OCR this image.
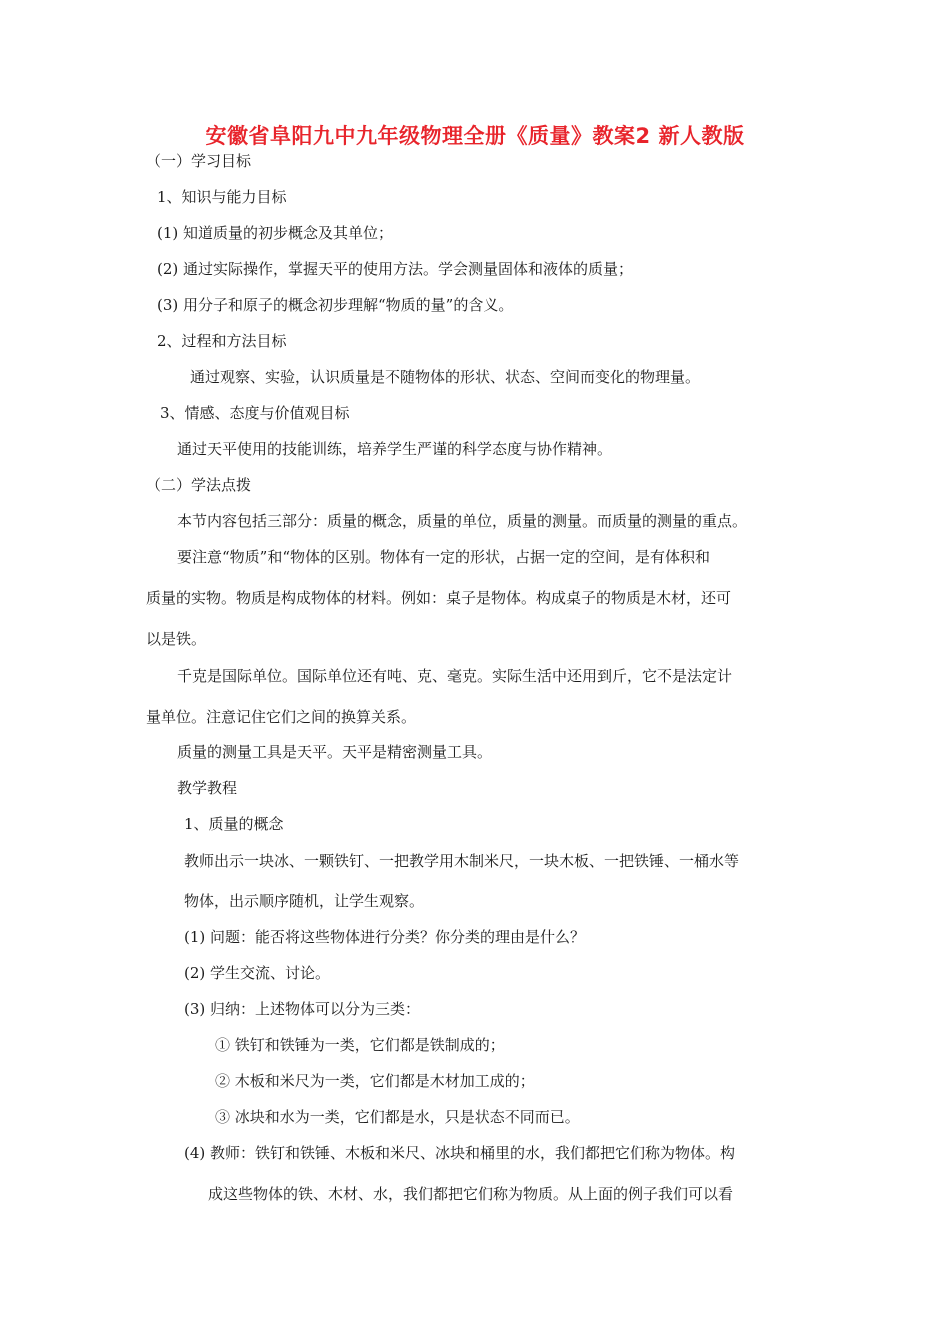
安徽省阜阳九中九年级物理全册《质量》教案2 新人教版
（一）学习目标
1、知识与能力目标
(1) 知道质量的初步概念及其单位；
(2) 通过实际操作，掌握天平的使用方法。学会测量固体和液体的质量；
(3) 用分子和原子的概念初步理解“物质的量”的含义。
2、过程和方法目标
通过观察、实验，认识质量是不随物体的形状、状态、空间而变化的物理量。
3、情感、态度与价值观目标
通过天平使用的技能训练，培养学生严谨的科学态度与协作精神。
（二）学法点拨
本节内容包括三部分：质量的概念，质量的单位，质量的测量。而质量的测量的重点。
要注意“物质”和“物体的区别。物体有一定的形状，占据一定的空间，是有体积和
质量的实物。物质是构成物体的材料。例如：桌子是物体。构成桌子的物质是木材，还可
以是铁。
千克是国际单位。国际单位还有吨、克、毫克。实际生活中还用到斤，它不是法定计
量单位。注意记住它们之间的换算关系。
质量的测量工具是天平。天平是精密测量工具。
教学教程
1、质量的概念
教师出示一块冰、一颗铁钉、一把教学用木制米尺，一块木板、一把铁锤、一桶水等
物体，出示顺序随机，让学生观察。
(1) 问题：能否将这些物体进行分类？你分类的理由是什么？
(2) 学生交流、讨论。
(3) 归纳：上述物体可以分为三类：
① 铁钉和铁锤为一类，它们都是铁制成的；
② 木板和米尺为一类，它们都是木材加工成的；
③ 冰块和水为一类，它们都是水，只是状态不同而已。
(4) 教师：铁钉和铁锤、木板和米尺、冰块和桶里的水，我们都把它们称为物体。构
成这些物体的铁、木材、水，我们都把它们称为物质。从上面的例子我们可以看
